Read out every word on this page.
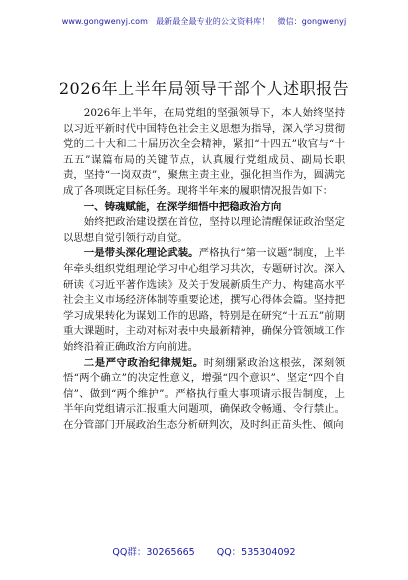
www.gongwenyj.com 最新最全最专业的公文资料库！ 微信：gongwenyj
2026年上半年局领导干部个人述职报告

2026年上半年，在局党组的坚强领导下，本人始终坚持以习近平新时代中国特色社会主义思想为指导，深入学习贯彻党的二十大和二十届历次全会精神，紧扣“十四五”收官与“十五五”谋篇布局的关键节点，认真履行党组成员、副局长职责，坚持“一岗双责”，聚焦主责主业，强化担当作为，圆满完成了各项既定目标任务。现将半年来的履职情况报告如下：

一、铸魂赋能，在深学细悟中把稳政治方向

始终把政治建设摆在首位，坚持以理论清醒保证政治坚定以思想自觉引领行动自觉。

一是带头深化理论武装。严格执行“第一议题”制度，上半年牵头组织党组理论学习中心组学习共次，专题研讨次。深入研读《习近平著作选读》及关于发展新质生产力、构建高水平社会主义市场经济体制等重要论述，撰写心得体会篇。坚持把学习成果转化为谋划工作的思路，特别是在研究“十五五”前期重大课题时，主动对标对表中央最新精神，确保分管领域工作始终沿着正确政治方向前进。

二是严守政治纪律规矩。时刻绷紧政治这根弦，深刻领悟“两个确立”的决定性意义，增强“四个意识”、坚定“四个自信”、做到“两个维护”。严格执行重大事项请示报告制度，上半年向党组请示汇报重大问题项，确保政令畅通、令行禁止。在分管部门开展政治生态分析研判次，及时纠正苗头性、倾向

QQ群：30265665 QQ：535304092
